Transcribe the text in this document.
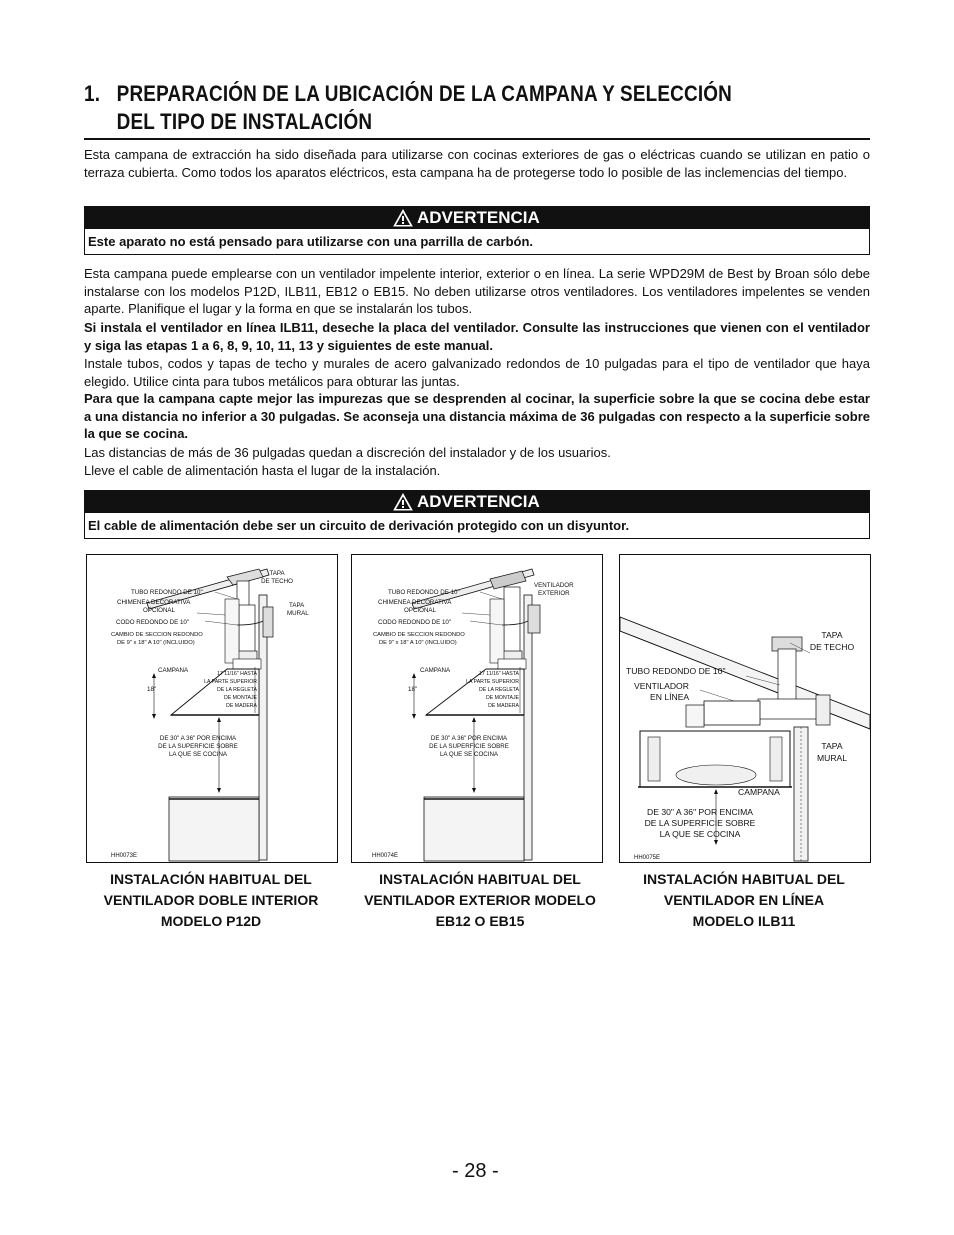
1. PREPARACIÓN DE LA UBICACIÓN DE LA CAMPANA Y SELECCIÓN
DEL TIPO DE INSTALACIÓN

Esta campana de extracción ha sido diseñada para utilizarse con cocinas exteriores de gas o eléctricas cuando se utilizan en patio o terraza cubierta. Como todos los aparatos eléctricos, esta campana ha de protegerse todo lo posible de las inclemencias del tiempo.

ADVERTENCIA
Este aparato no está pensado para utilizarse con una parrilla de carbón.

Esta campana puede emplearse con un ventilador impelente interior, exterior o en línea. La serie WPD29M de Best by Broan sólo debe instalarse con los modelos P12D, ILB11, EB12 o EB15. No deben utilizarse otros ventiladores. Los ventiladores impelentes se venden aparte. Planifique el lugar y la forma en que se instalarán los tubos.

Si instala el ventilador en línea ILB11, deseche la placa del ventilador. Consulte las instrucciones que vienen con el ventilador y siga las etapas 1 a 6, 8, 9, 10, 11, 13 y siguientes de este manual.

Instale tubos, codos y tapas de techo y murales de acero galvanizado redondos de 10 pulgadas para el tipo de ventilador que haya elegido. Utilice cinta para tubos metálicos para obturar las juntas.

Para que la campana capte mejor las impurezas que se desprenden al cocinar, la superficie sobre la que se cocina debe estar a una distancia no inferior a 30 pulgadas. Se aconseja una distancia máxima de 36 pulgadas con respecto a la superficie sobre la que se cocina.

Las distancias de más de 36 pulgadas quedan a discreción del instalador y de los usuarios.

Lleve el cable de alimentación hasta el lugar de la instalación.

ADVERTENCIA
El cable de alimentación debe ser un circuito de derivación protegido con un disyuntor.
TAPA
DE TECHO
TAPA
MURAL
TUBO REDONDO DE 10"
CHIMENEA DECORATIVA
OPCIONAL
CODO REDONDO DE 10"
CAMBIO DE SECCION REDONDO
DE 9" x 18" A 10" (INCLUIDO)
CAMPANA
18"
17 11/16" HASTA
LA PARTE SUPERIOR
DE LA REGLETA
DE MONTAJE
DE MADERA
DE 30" A 36" POR ENCIMA
DE LA SUPERFICIE SOBRE
LA QUE SE COCINA
HH0073E
VENTILADOR
EXTERIOR
TUBO REDONDO DE 10"
CHIMENEA DECORATIVA
OPCIONAL
CODO REDONDO DE 10"
CAMBIO DE SECCION REDONDO
DE 9" x 18" A 10" (INCLUIDO)
CAMPANA
18"
17 11/16" HASTA
LA PARTE SUPERIOR
DE LA REGLETA
DE MONTAJE
DE MADERA
DE 30" A 36" POR ENCIMA
DE LA SUPERFICIE SOBRE
LA QUE SE COCINA
HH0074E
TAPA
DE TECHO
TUBO REDONDO DE 10"
VENTILADOR
EN LÍNEA
TAPA
MURAL
CAMPANA
DE 30" A 36" POR ENCIMA
DE LA SUPERFICIE SOBRE
LA QUE SE COCINA
HH0075E
INSTALACIÓN HABITUAL DEL
VENTILADOR DOBLE INTERIOR
MODELO P12D
INSTALACIÓN HABITUAL DEL
VENTILADOR EXTERIOR MODELO
EB12 O EB15
INSTALACIÓN HABITUAL DEL
VENTILADOR EN LÍNEA
MODELO ILB11
- 28 -
